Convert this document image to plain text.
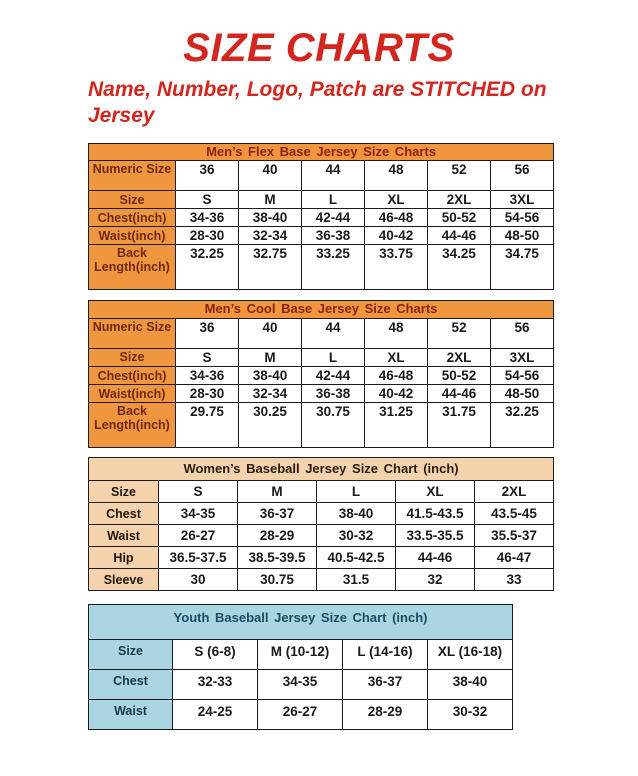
SIZE CHARTS
Name, Number, Logo, Patch are STITCHED on Jersey
Men’s Flex Base Jersey Size Charts						
Numeric Size	36	40	44	48	52	56
Size	S	M	L	XL	2XL	3XL
Chest(inch)	34-36	38-40	42-44	46-48	50-52	54-56
Waist(inch)	28-30	32-34	36-38	40-42	44-46	48-50
Back Length(inch)	32.25	32.75	33.25	33.75	34.25	34.75
Men’s Cool Base Jersey Size Charts						
Numeric Size	36	40	44	48	52	56
Size	S	M	L	XL	2XL	3XL
Chest(inch)	34-36	38-40	42-44	46-48	50-52	54-56
Waist(inch)	28-30	32-34	36-38	40-42	44-46	48-50
Back Length(inch)	29.75	30.25	30.75	31.25	31.75	32.25
Women’s Baseball Jersey Size Chart (inch)					
Size	S	M	L	XL	2XL
Chest	34-35	36-37	38-40	41.5-43.5	43.5-45
Waist	26-27	28-29	30-32	33.5-35.5	35.5-37
Hip	36.5-37.5	38.5-39.5	40.5-42.5	44-46	46-47
Sleeve	30	30.75	31.5	32	33
Youth Baseball Jersey Size Chart (inch)				
Size	S (6-8)	M (10-12)	L (14-16)	XL (16-18)
Chest	32-33	34-35	36-37	38-40
Waist	24-25	26-27	28-29	30-32
